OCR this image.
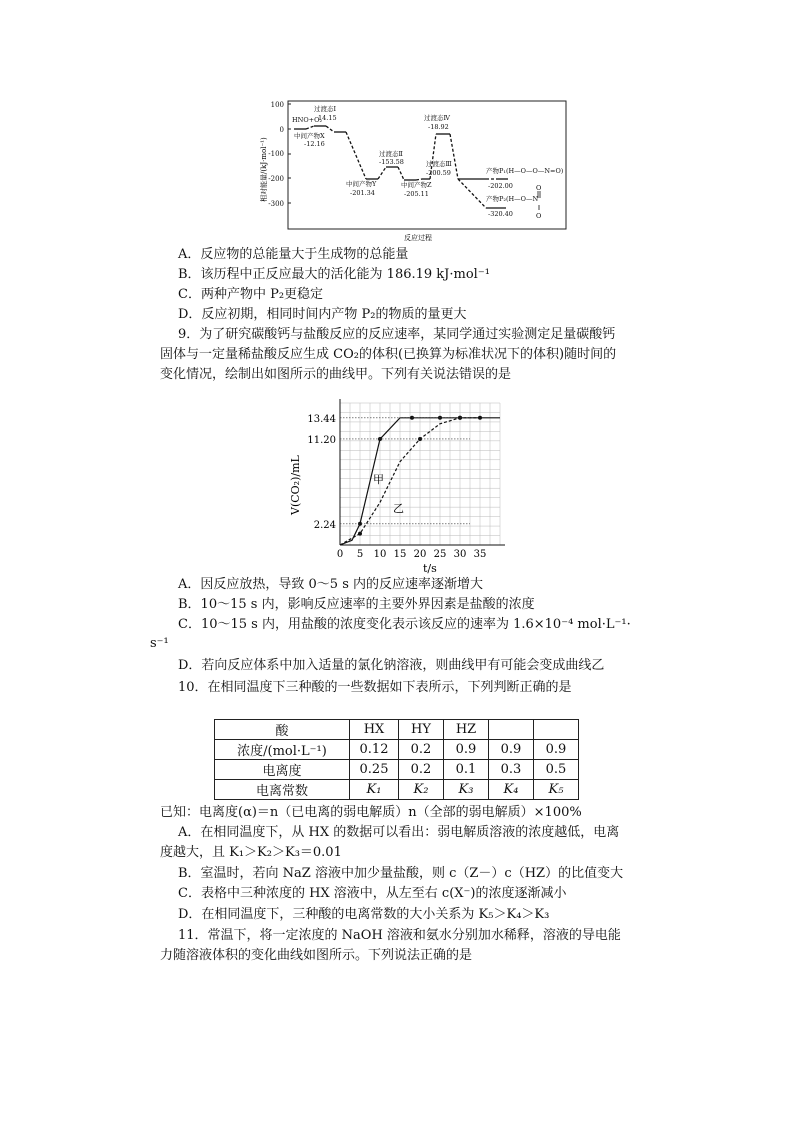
100
0
-100
-200
-300
相对能量/(kJ·mol⁻¹)
反应过程
HNO+O₂
过渡态Ⅰ
14.15
中间产物X
-12.16
过渡态Ⅱ
-153.58
中间产物Y
-201.34
中间产物Z
-205.11
过渡态Ⅲ
-200.59
过渡态Ⅳ
-18.92
产物P₁(H—O—O—N=O)
-202.00
产物P₂(H—O—N
-320.40
O
O
A．反应物的总能量大于生成物的总能量
B．该历程中正反应最大的活化能为 186.19 kJ·mol⁻¹
C．两种产物中 P₂更稳定
D．反应初期，相同时间内产物 P₂的物质的量更大
9．为了研究碳酸钙与盐酸反应的反应速率，某同学通过实验测定足量碳酸钙
固体与一定量稀盐酸反应生成 CO₂的体积(已换算为标准状况下的体积)随时间的
变化情况，绘制出如图所示的曲线甲。下列有关说法错误的是
0 5 10 15 20 25 30 35
2.24
11.20
13.44
V(CO₂)/mL
t/s
甲
乙
A．因反应放热，导致 0～5 s 内的反应速率逐渐增大
B．10～15 s 内，影响反应速率的主要外界因素是盐酸的浓度
C．10～15 s 内，用盐酸的浓度变化表示该反应的速率为 1.6×10⁻⁴ mol·L⁻¹·
s⁻¹
D．若向反应体系中加入适量的氯化钠溶液，则曲线甲有可能会变成曲线乙
10．在相同温度下三种酸的一些数据如下表所示，下列判断正确的是
酸	HX	HY	HZ		
浓度/(mol·L⁻¹)	0.12	0.2	0.9	0.9	0.9
电离度	0.25	0.2	0.1	0.3	0.5
电离常数	K₁	K₂	K₃	K₄	K₅
已知：电离度(α)＝n（已电离的弱电解质）n（全部的弱电解质）×100%
A．在相同温度下，从 HX 的数据可以看出：弱电解质溶液的浓度越低，电离
度越大，且 K₁＞K₂＞K₃＝0.01
B．室温时，若向 NaZ 溶液中加少量盐酸，则 c（Z－）c（HZ）的比值变大
C．表格中三种浓度的 HX 溶液中，从左至右 c(X⁻)的浓度逐渐减小
D．在相同温度下，三种酸的电离常数的大小关系为 K₅＞K₄＞K₃
11．常温下，将一定浓度的 NaOH 溶液和氨水分别加水稀释，溶液的导电能
力随溶液体积的变化曲线如图所示。下列说法正确的是
